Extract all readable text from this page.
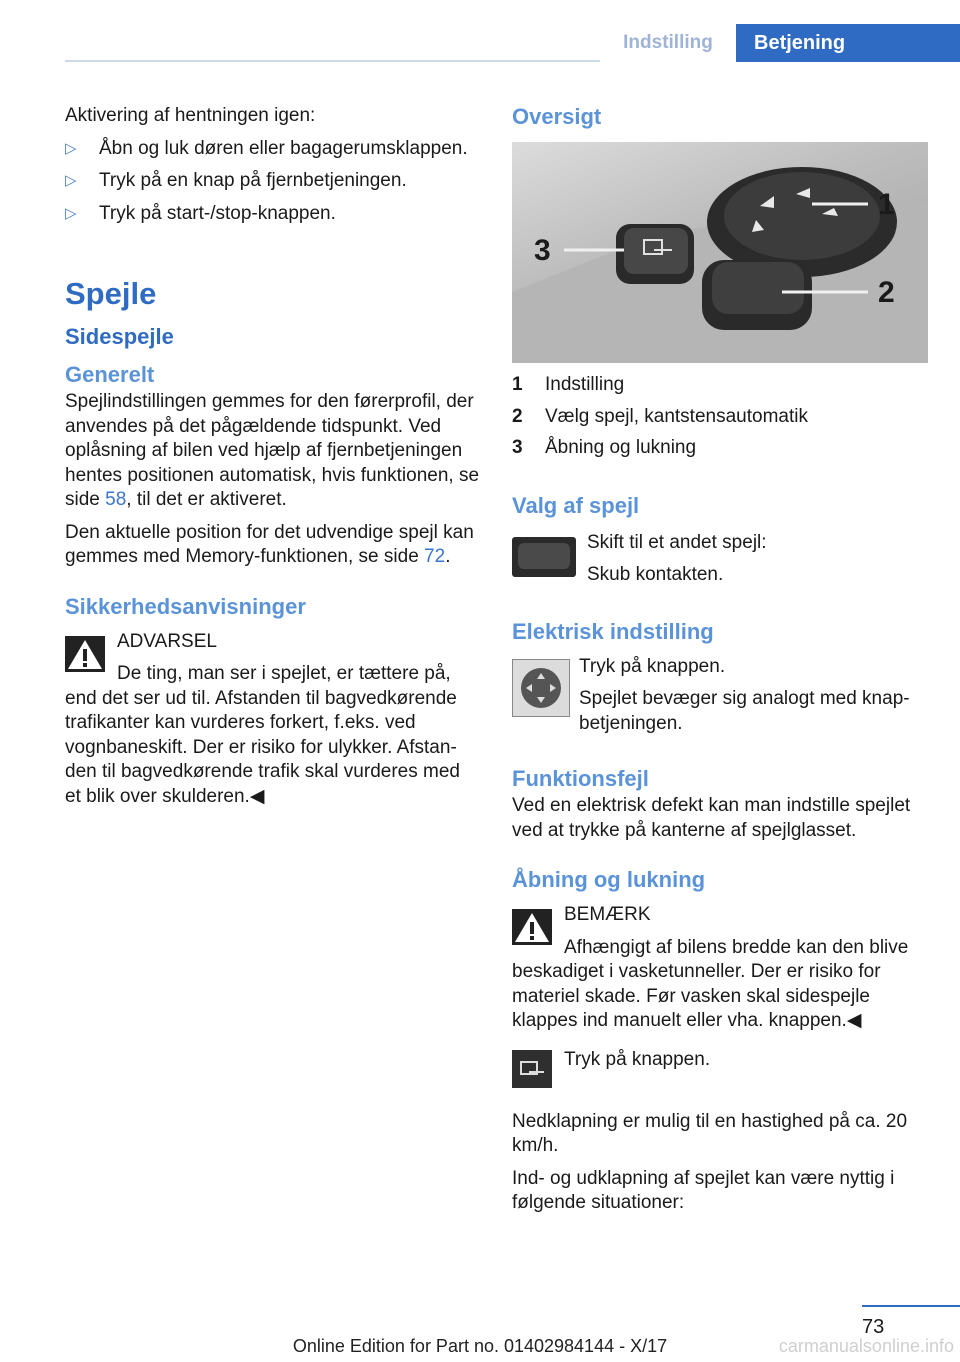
Indstilling	Betjening

Aktivering af hentningen igen:

▷ Åbn og luk døren eller bagagerumsklappen.
▷ Tryk på en knap på fjernbetjeningen.
▷ Tryk på start-/stop-knappen.
Spejle
Sidespejle
Generelt

Spejlindstillingen gemmes for den førerprofil, der anvendes på det pågældende tidspunkt. Ved oplåsning af bilen ved hjælp af fjernbetjeningen hentes positionen automatisk, hvis funktionen, se side 58, til det er aktiveret.

Den aktuelle position for det udvendige spejl kan gemmes med Memory-funktionen, se side 72.

Sikkerhedsanvisninger

ADVARSEL

De ting, man ser i spejlet, er tættere på,

end det ser ud til. Afstanden til bagvedkørende trafikanter kan vurderes forkert, f.eks. ved vognbaneskift. Der er risiko for ulykker. Afstanden til bagvedkørende trafik skal vurderes med et blik over skulderen.◀

Oversigt
1
2
3
1	Indstilling
2	Vælg spejl, kantstensautomatik
3	Åbning og lukning
Valg af spejl

Skift til et andet spejl:

Skub kontakten.

Elektrisk indstilling

Tryk på knappen.

Spejlet bevæger sig analogt med knapbetjeningen.

Funktionsfejl

Ved en elektrisk defekt kan man indstille spejlet ved at trykke på kanterne af spejlglasset.

Åbning og lukning

BEMÆRK

Afhængigt af bilens bredde kan den blive

beskadiget i vasketunneller. Der er risiko for materiel skade. Før vasken skal sidespejle klappes ind manuelt eller vha. knappen.◀

Tryk på knappen.

Nedklapning er mulig til en hastighed på ca. 20 km/h.

Ind- og udklapning af spejlet kan være nyttig i følgende situationer:

73
Online Edition for Part no. 01402984144 - X/17	carmanualsonline.info
